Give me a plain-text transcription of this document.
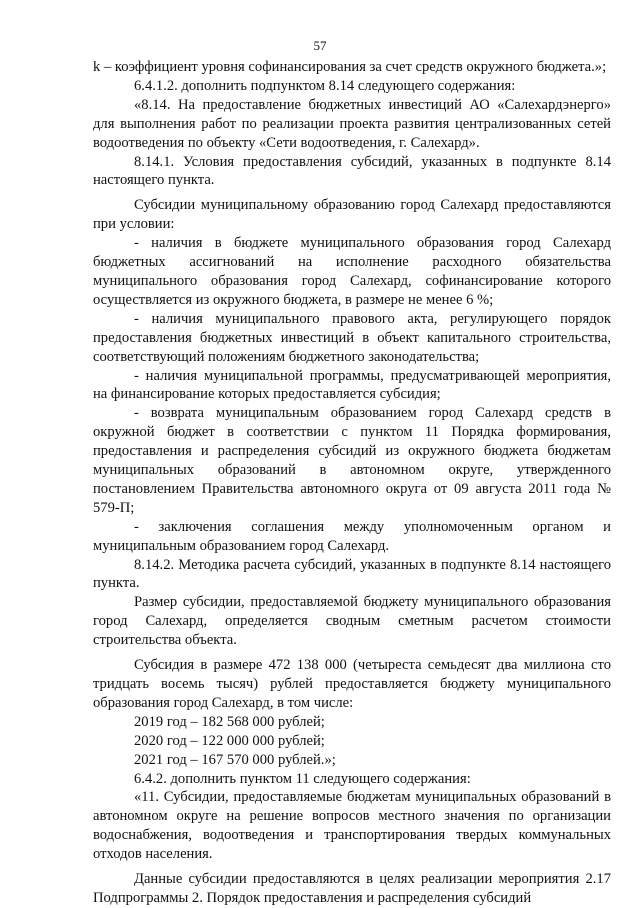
57

k – коэффициент уровня софинансирования за счет средств окружного бюджета.»;

6.4.1.2. дополнить подпунктом 8.14 следующего содержания:

«8.14. На предоставление бюджетных инвестиций АО «Салехардэнерго» для выполнения работ по реализации проекта развития централизованных сетей водоотведения по объекту «Сети водоотведения, г. Салехард».

8.14.1. Условия предоставления субсидий, указанных в подпункте 8.14 настоящего пункта.

Субсидии муниципальному образованию город Салехард предоставляются при условии:

- наличия в бюджете муниципального образования город Салехард бюджетных ассигнований на исполнение расходного обязательства муниципального образования город Салехард, софинансирование которого осуществляется из окружного бюджета, в размере не менее 6 %;

- наличия муниципального правового акта, регулирующего порядок предоставления бюджетных инвестиций в объект капитального строительства, соответствующий положениям бюджетного законодательства;

- наличия муниципальной программы, предусматривающей мероприятия, на финансирование которых предоставляется субсидия;

- возврата муниципальным образованием город Салехард средств в окружной бюджет в соответствии с пунктом 11 Порядка формирования, предоставления и распределения субсидий из окружного бюджета бюджетам муниципальных образований в автономном округе, утвержденного постановлением Правительства автономного округа от 09 августа 2011 года № 579-П;

- заключения соглашения между уполномоченным органом и муниципальным образованием город Салехард.

8.14.2. Методика расчета субсидий, указанных в подпункте 8.14 настоящего пункта.

Размер субсидии, предоставляемой бюджету муниципального образования город Салехард, определяется сводным сметным расчетом стоимости строительства объекта.

Субсидия в размере 472 138 000 (четыреста семьдесят два миллиона сто тридцать восемь тысяч) рублей предоставляется бюджету муниципального образования город Салехард, в том числе:

2019 год – 182 568 000 рублей;

2020 год – 122 000 000 рублей;

2021 год – 167 570 000 рублей.»;

6.4.2. дополнить пунктом 11 следующего содержания:

«11. Субсидии, предоставляемые бюджетам муниципальных образований в автономном округе на решение вопросов местного значения по организации водоснабжения, водоотведения и транспортирования твердых коммунальных отходов населения.

Данные субсидии предоставляются в целях реализации мероприятия 2.17 Подпрограммы 2. Порядок предоставления и распределения субсидий
